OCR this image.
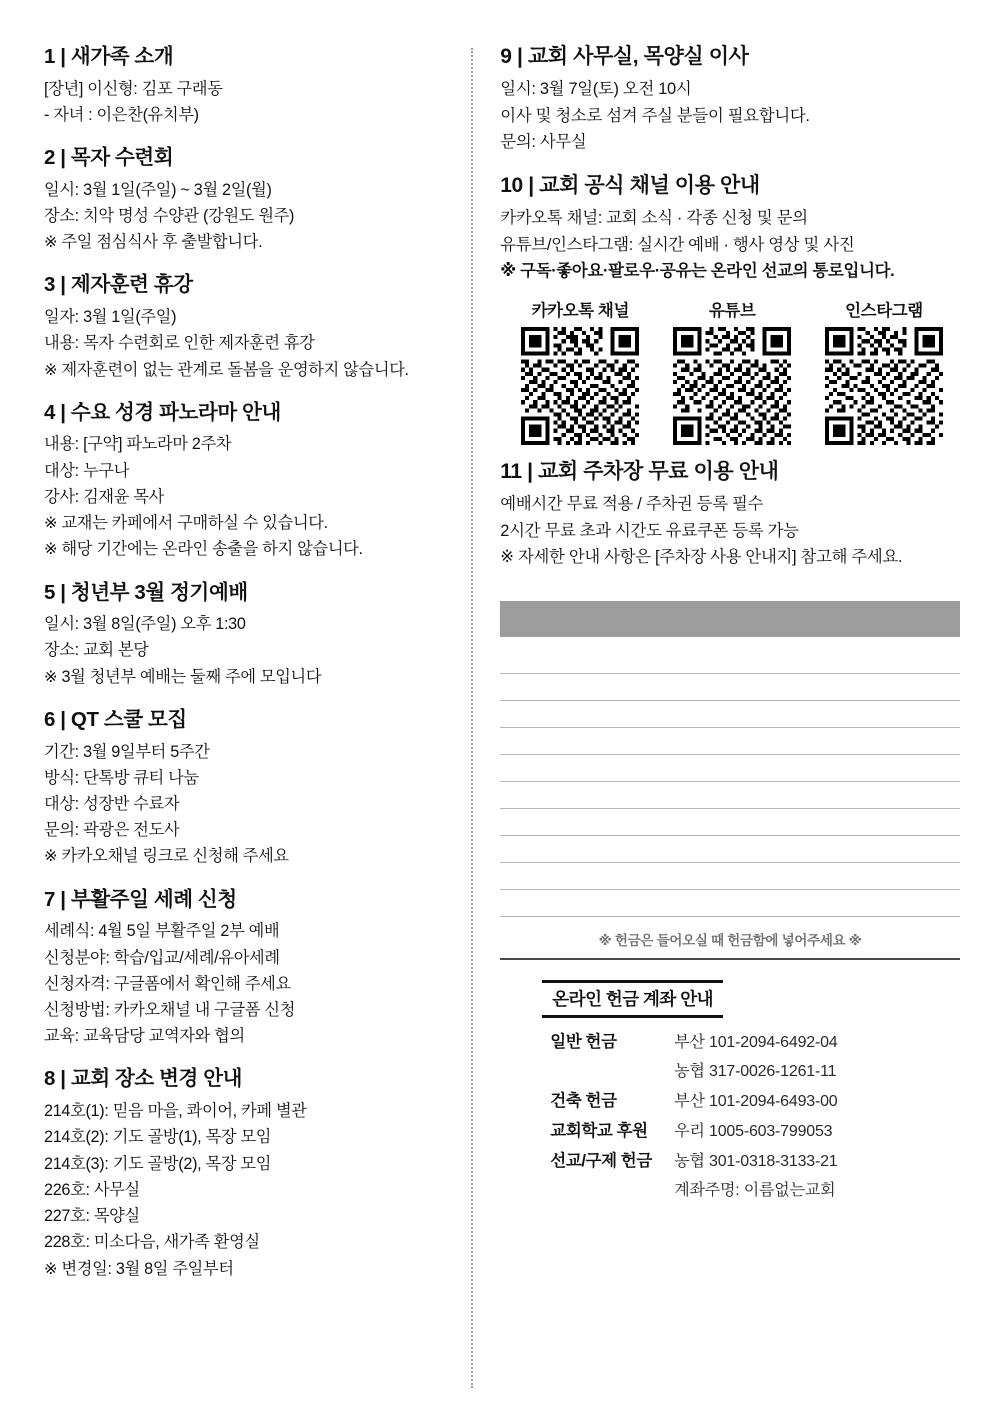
1 | 새가족 소개
[장년] 이신형: 김포 구래동
- 자녀 : 이은찬(유치부)
2 | 목자 수련회
일시: 3월 1일(주일) ~ 3월 2일(월)
장소: 치악 명성 수양관 (강원도 원주)
※ 주일 점심식사 후 출발합니다.
3 | 제자훈련 휴강
일자: 3월 1일(주일)
내용: 목자 수련회로 인한 제자훈련 휴강
※ 제자훈련이 없는 관계로 돌봄을 운영하지 않습니다.
4 | 수요 성경 파노라마 안내
내용: [구약] 파노라마 2주차
대상: 누구나
강사: 김재윤 목사
※ 교재는 카페에서 구매하실 수 있습니다.
※ 해당 기간에는 온라인 송출을 하지 않습니다.
5 | 청년부 3월 정기예배
일시: 3월 8일(주일) 오후 1:30
장소: 교회 본당
※ 3월 청년부 예배는 둘째 주에 모입니다
6 | QT 스쿨 모집
기간: 3월 9일부터 5주간
방식: 단톡방 큐티 나눔
대상: 성장반 수료자
문의: 곽광은 전도사
※ 카카오채널 링크로 신청해 주세요
7 | 부활주일 세례 신청
세례식: 4월 5일 부활주일 2부 예배
신청분야: 학습/입교/세례/유아세례
신청자격: 구글폼에서 확인해 주세요
신청방법: 카카오채널 내 구글폼 신청
교육: 교육담당 교역자와 협의
8 | 교회 장소 변경 안내
214호(1): 믿음 마을, 콰이어, 카페 별관
214호(2): 기도 골방(1), 목장 모임
214호(3): 기도 골방(2), 목장 모임
226호: 사무실
227호: 목양실
228호: 미소다음, 새가족 환영실
※ 변경일: 3월 8일 주일부터
9 | 교회 사무실, 목양실 이사
일시: 3월 7일(토) 오전 10시
이사 및 청소로 섬겨 주실 분들이 필요합니다.
문의: 사무실
10 | 교회 공식 채널 이용 안내
카카오톡 채널: 교회 소식 · 각종 신청 및 문의
유튜브/인스타그램: 실시간 예배 · 행사 영상 및 사진
※ 구독·좋아요·팔로우·공유는 온라인 선교의 통로입니다.
카카오톡 채널	유튜브	인스타그램
11 | 교회 주차장 무료 이용 안내
예배시간 무료 적용 / 주차권 등록 필수
2시간 무료 초과 시간도 유료쿠폰 등록 가능
※ 자세한 안내 사항은 [주차장 사용 안내지] 참고해 주세요.
※ 헌금은 들어오실 때 헌금함에 넣어주세요 ※
온라인 헌금 계좌 안내
일반 헌금	부산 101-2094-6492-04
농협 317-0026-1261-11
건축 헌금	부산 101-2094-6493-00
교회학교 후원	우리 1005-603-799053
선교/구제 헌금	농협 301-0318-3133-21
계좌주명: 이름없는교회
